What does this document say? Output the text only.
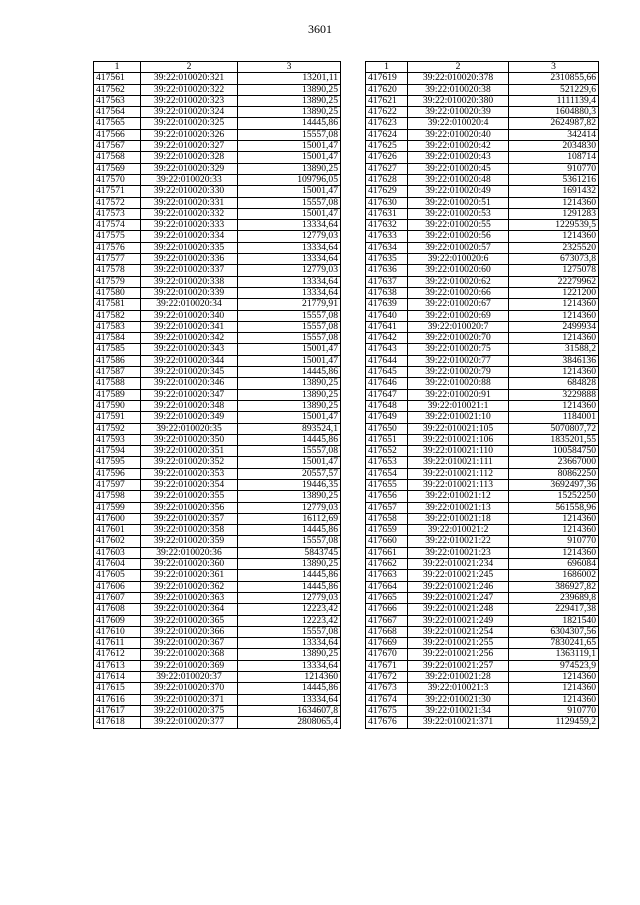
3601
1	2	3
417561	39:22:010020:321	13201,11
417562	39:22:010020:322	13890,25
417563	39:22:010020:323	13890,25
417564	39:22:010020:324	13890,25
417565	39:22:010020:325	14445,86
417566	39:22:010020:326	15557,08
417567	39:22:010020:327	15001,47
417568	39:22:010020:328	15001,47
417569	39:22:010020:329	13890,25
417570	39:22:010020:33	109796,05
417571	39:22:010020:330	15001,47
417572	39:22:010020:331	15557,08
417573	39:22:010020:332	15001,47
417574	39:22:010020:333	13334,64
417575	39:22:010020:334	12779,03
417576	39:22:010020:335	13334,64
417577	39:22:010020:336	13334,64
417578	39:22:010020:337	12779,03
417579	39:22:010020:338	13334,64
417580	39:22:010020:339	13334,64
417581	39:22:010020:34	21779,91
417582	39:22:010020:340	15557,08
417583	39:22:010020:341	15557,08
417584	39:22:010020:342	15557,08
417585	39:22:010020:343	15001,47
417586	39:22:010020:344	15001,47
417587	39:22:010020:345	14445,86
417588	39:22:010020:346	13890,25
417589	39:22:010020:347	13890,25
417590	39:22:010020:348	13890,25
417591	39:22:010020:349	15001,47
417592	39:22:010020:35	893524,1
417593	39:22:010020:350	14445,86
417594	39:22:010020:351	15557,08
417595	39:22:010020:352	15001,47
417596	39:22:010020:353	20557,57
417597	39:22:010020:354	19446,35
417598	39:22:010020:355	13890,25
417599	39:22:010020:356	12779,03
417600	39:22:010020:357	16112,69
417601	39:22:010020:358	14445,86
417602	39:22:010020:359	15557,08
417603	39:22:010020:36	5843745
417604	39:22:010020:360	13890,25
417605	39:22:010020:361	14445,86
417606	39:22:010020:362	14445,86
417607	39:22:010020:363	12779,03
417608	39:22:010020:364	12223,42
417609	39:22:010020:365	12223,42
417610	39:22:010020:366	15557,08
417611	39:22:010020:367	13334,64
417612	39:22:010020:368	13890,25
417613	39:22:010020:369	13334,64
417614	39:22:010020:37	1214360
417615	39:22:010020:370	14445,86
417616	39:22:010020:371	13334,64
417617	39:22:010020:375	1634607,8
417618	39:22:010020:377	2808065,4
1	2	3
417619	39:22:010020:378	2310855,66
417620	39:22:010020:38	521229,6
417621	39:22:010020:380	1111139,4
417622	39:22:010020:39	1604880,3
417623	39:22:010020:4	2624987,82
417624	39:22:010020:40	342414
417625	39:22:010020:42	2034830
417626	39:22:010020:43	108714
417627	39:22:010020:45	910770
417628	39:22:010020:48	5361216
417629	39:22:010020:49	1691432
417630	39:22:010020:51	1214360
417631	39:22:010020:53	1291283
417632	39:22:010020:55	1229539,5
417633	39:22:010020:56	1214360
417634	39:22:010020:57	2325520
417635	39:22:010020:6	673073,8
417636	39:22:010020:60	1275078
417637	39:22:010020:62	22279962
417638	39:22:010020:66	1221200
417639	39:22:010020:67	1214360
417640	39:22:010020:69	1214360
417641	39:22:010020:7	2499934
417642	39:22:010020:70	1214360
417643	39:22:010020:75	31588,2
417644	39:22:010020:77	3846136
417645	39:22:010020:79	1214360
417646	39:22:010020:88	684828
417647	39:22:010020:91	3229888
417648	39:22:010021:1	1214360
417649	39:22:010021:10	1184001
417650	39:22:010021:105	5070807,72
417651	39:22:010021:106	1835201,55
417652	39:22:010021:110	100584750
417653	39:22:010021:111	23667000
417654	39:22:010021:112	80862250
417655	39:22:010021:113	3692497,36
417656	39:22:010021:12	15252250
417657	39:22:010021:13	561558,96
417658	39:22:010021:18	1214360
417659	39:22:010021:2	1214360
417660	39:22:010021:22	910770
417661	39:22:010021:23	1214360
417662	39:22:010021:234	696084
417663	39:22:010021:245	1686002
417664	39:22:010021:246	386927,82
417665	39:22:010021:247	239689,8
417666	39:22:010021:248	229417,38
417667	39:22:010021:249	1821540
417668	39:22:010021:254	6304307,56
417669	39:22:010021:255	7830241,65
417670	39:22:010021:256	1363119,1
417671	39:22:010021:257	974523,9
417672	39:22:010021:28	1214360
417673	39:22:010021:3	1214360
417674	39:22:010021:30	1214360
417675	39:22:010021:34	910770
417676	39:22:010021:371	1129459,2
